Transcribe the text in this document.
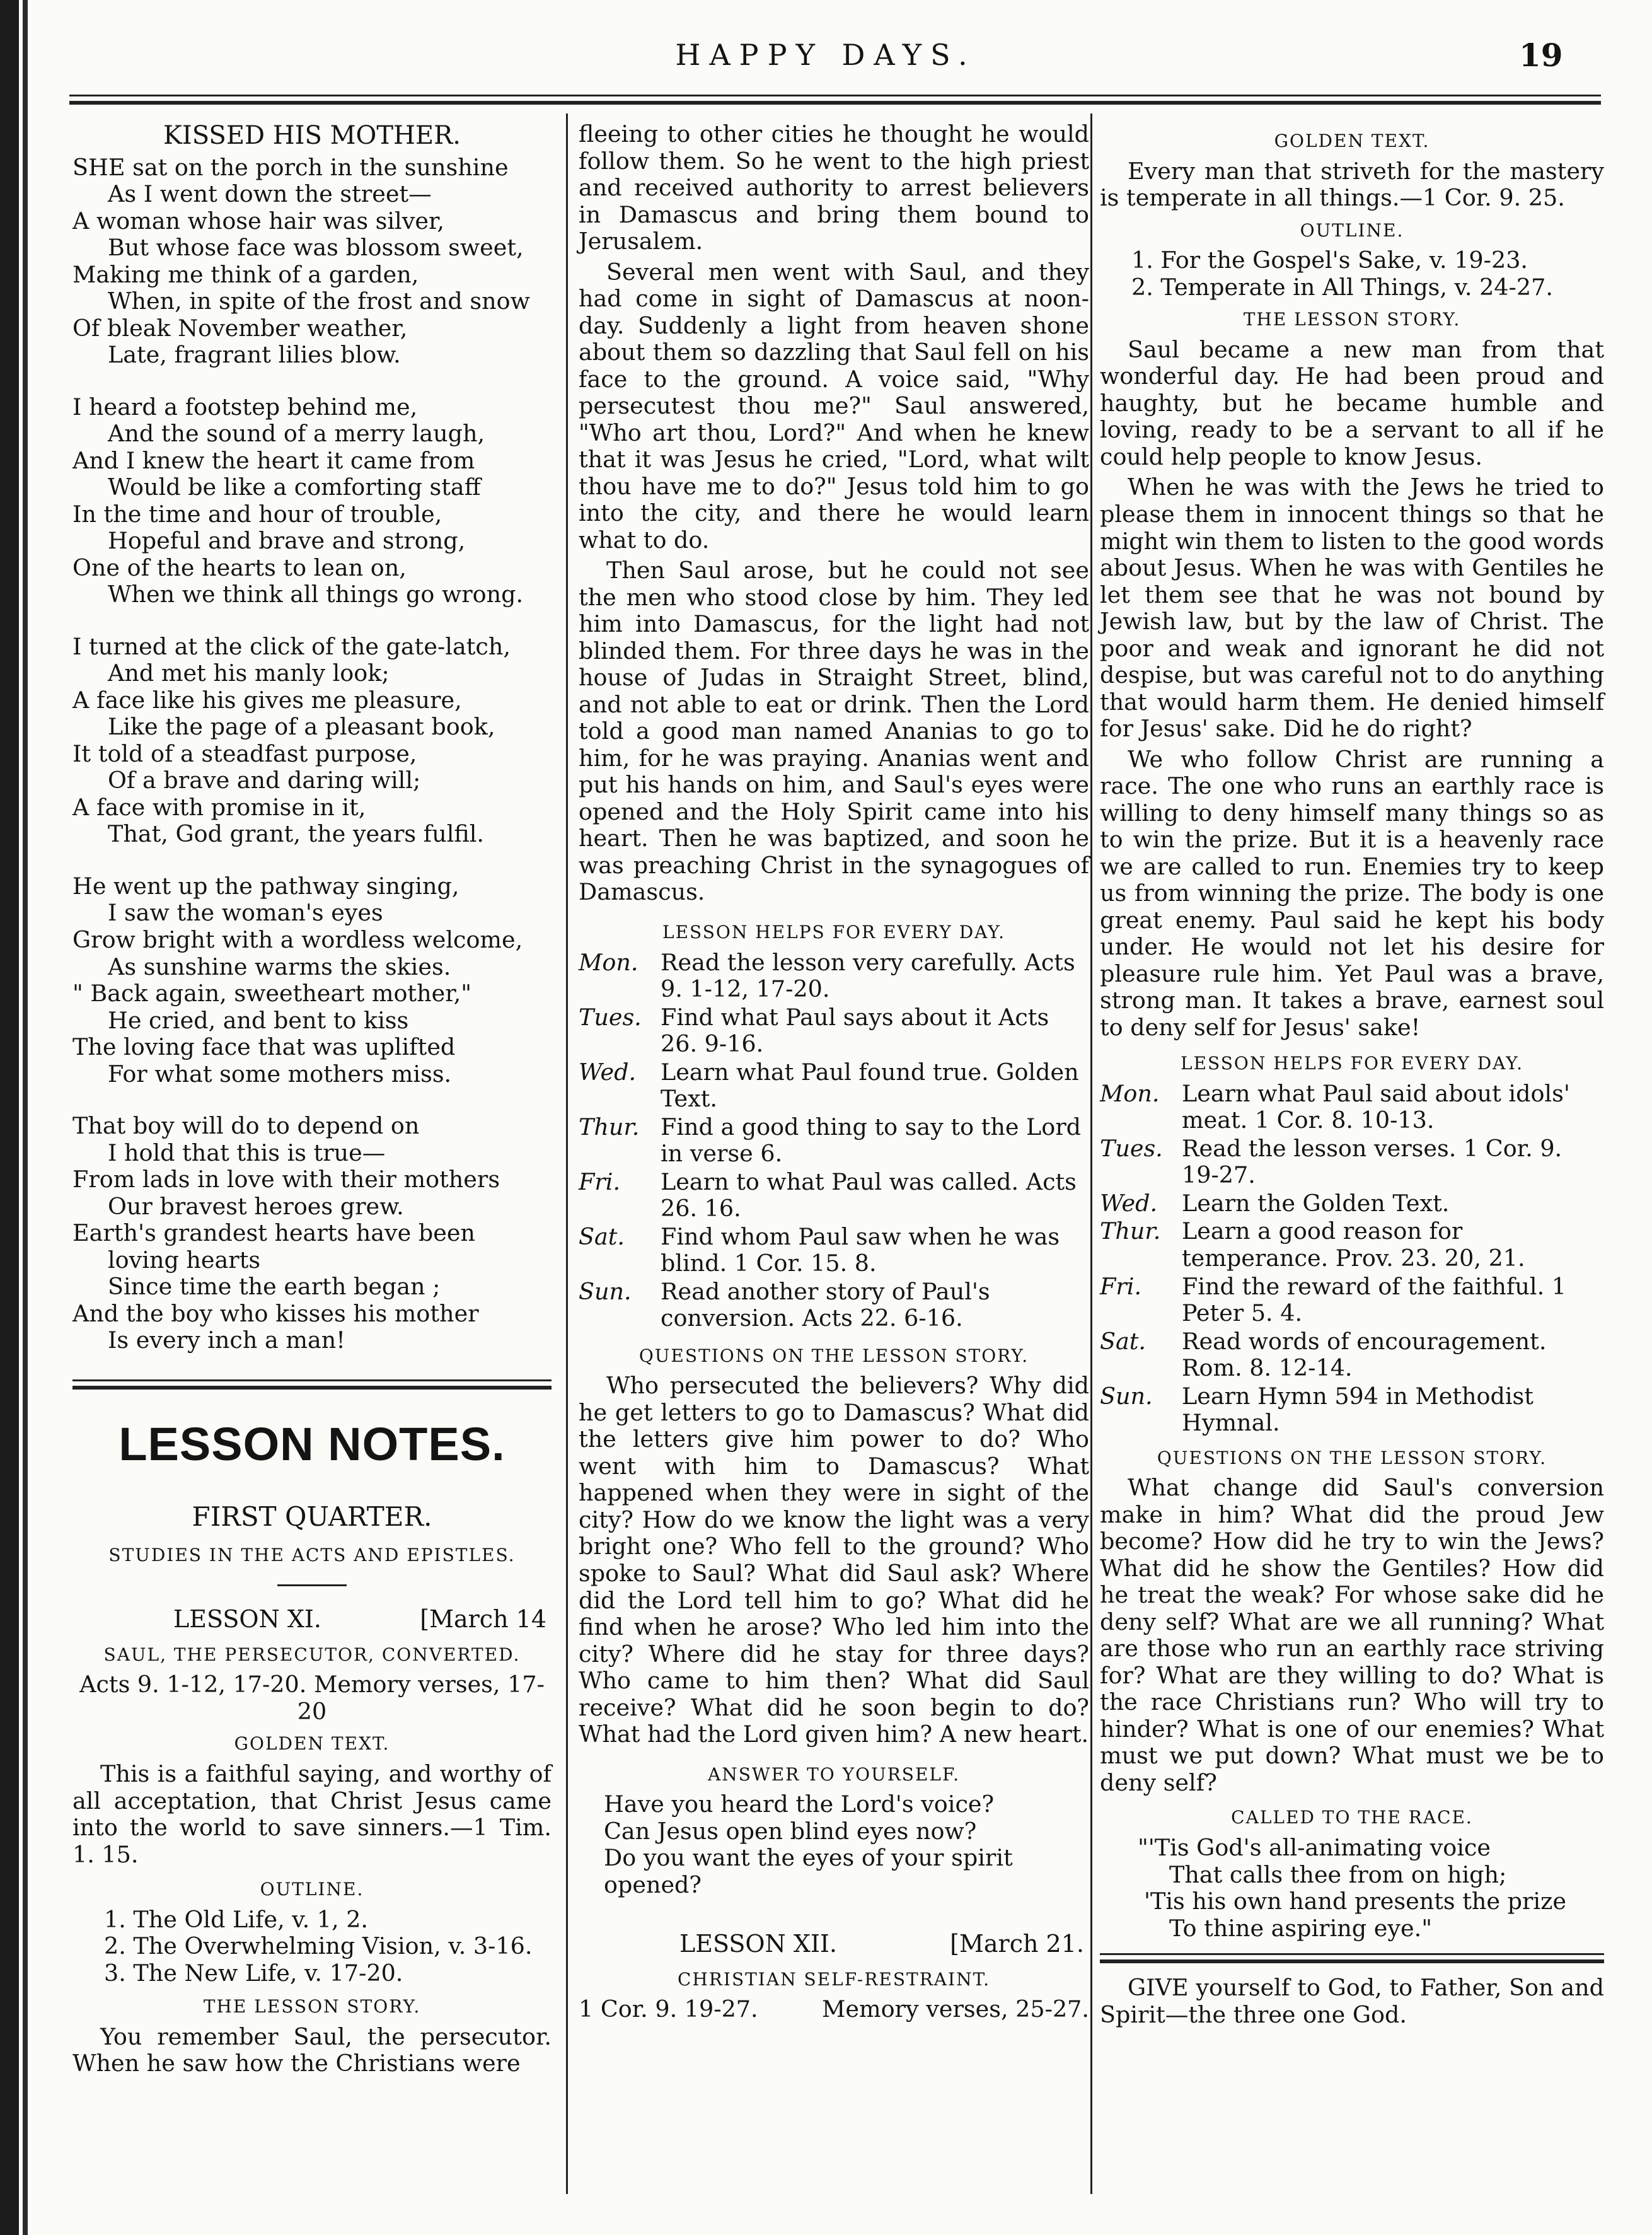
HAPPY DAYS.	19
KISSED HIS MOTHER.
SHE sat on the porch in the sunshine
As I went down the street—
A woman whose hair was silver,
But whose face was blossom sweet,
Making me think of a garden,
When, in spite of the frost and snow
Of bleak November weather,
Late, fragrant lilies blow.
I heard a footstep behind me,
And the sound of a merry laugh,
And I knew the heart it came from
Would be like a comforting staff
In the time and hour of trouble,
Hopeful and brave and strong,
One of the hearts to lean on,
When we think all things go wrong.
I turned at the click of the gate-latch,
And met his manly look;
A face like his gives me pleasure,
Like the page of a pleasant book,
It told of a steadfast purpose,
Of a brave and daring will;
A face with promise in it,
That, God grant, the years fulfil.
He went up the pathway singing,
I saw the woman's eyes
Grow bright with a wordless welcome,
As sunshine warms the skies.
" Back again, sweetheart mother,"
He cried, and bent to kiss
The loving face that was uplifted
For what some mothers miss.
That boy will do to depend on
I hold that this is true—
From lads in love with their mothers
Our bravest heroes grew.
Earth's grandest hearts have been loving hearts
Since time the earth began ;
And the boy who kisses his mother
Is every inch a man!
LESSON NOTES.
FIRST QUARTER.
STUDIES IN THE ACTS AND EPISTLES.
LESSON XI.	[March 14
SAUL, THE PERSECUTOR, CONVERTED.
Acts 9. 1-12, 17-20. Memory verses, 17-20
GOLDEN TEXT.

This is a faithful saying, and worthy of all acceptation, that Christ Jesus came into the world to save sinners.—1 Tim. 1. 15.

OUTLINE.
1. The Old Life, v. 1, 2.
2. The Overwhelming Vision, v. 3-16.
3. The New Life, v. 17-20.
THE LESSON STORY.

You remember Saul, the persecutor. When he saw how the Christians were

fleeing to other cities he thought he would follow them. So he went to the high priest and received authority to arrest believers in Damascus and bring them bound to Jerusalem.

Several men went with Saul, and they had come in sight of Damascus at noon-day. Suddenly a light from heaven shone about them so dazzling that Saul fell on his face to the ground. A voice said, "Why persecutest thou me?" Saul answered, "Who art thou, Lord?" And when he knew that it was Jesus he cried, "Lord, what wilt thou have me to do?" Jesus told him to go into the city, and there he would learn what to do.

Then Saul arose, but he could not see the men who stood close by him. They led him into Damascus, for the light had not blinded them. For three days he was in the house of Judas in Straight Street, blind, and not able to eat or drink. Then the Lord told a good man named Ananias to go to him, for he was praying. Ananias went and put his hands on him, and Saul's eyes were opened and the Holy Spirit came into his heart. Then he was baptized, and soon he was preaching Christ in the synagogues of Damascus.

LESSON HELPS FOR EVERY DAY.
Mon. Read the lesson very carefully. Acts 9. 1-12, 17-20.
Tues. Find what Paul says about it Acts 26. 9-16.
Wed.	Learn what Paul found true. Golden Text.
Thur. Find a good thing to say to the Lord in verse 6.
Fri.	Learn to what Paul was called. Acts 26. 16.
Sat.	Find whom Paul saw when he was blind. 1 Cor. 15. 8.
Sun.	Read another story of Paul's conversion. Acts 22. 6-16.
QUESTIONS ON THE LESSON STORY.

Who persecuted the believers? Why did he get letters to go to Damascus? What did the letters give him power to do? Who went with him to Damascus? What happened when they were in sight of the city? How do we know the light was a very bright one? Who fell to the ground? Who spoke to Saul? What did Saul ask? Where did the Lord tell him to go? What did he find when he arose? Who led him into the city? Where did he stay for three days? Who came to him then? What did Saul receive? What did he soon begin to do? What had the Lord given him? A new heart.

ANSWER TO YOURSELF.
Have you heard the Lord's voice?
Can Jesus open blind eyes now?
Do you want the eyes of your spirit opened?
LESSON XII.	[March 21.
CHRISTIAN SELF-RESTRAINT.
1 Cor. 9. 19-27.	Memory verses, 25-27.
GOLDEN TEXT.

Every man that striveth for the mastery is temperate in all things.—1 Cor. 9. 25.

OUTLINE.
1. For the Gospel's Sake, v. 19-23.
2. Temperate in All Things, v. 24-27.
THE LESSON STORY.

Saul became a new man from that wonderful day. He had been proud and haughty, but he became humble and loving, ready to be a servant to all if he could help people to know Jesus.

When he was with the Jews he tried to please them in innocent things so that he might win them to listen to the good words about Jesus. When he was with Gentiles he let them see that he was not bound by Jewish law, but by the law of Christ. The poor and weak and ignorant he did not despise, but was careful not to do anything that would harm them. He denied himself for Jesus' sake. Did he do right?

We who follow Christ are running a race. The one who runs an earthly race is willing to deny himself many things so as to win the prize. But it is a heavenly race we are called to run. Enemies try to keep us from winning the prize. The body is one great enemy. Paul said he kept his body under. He would not let his desire for pleasure rule him. Yet Paul was a brave, strong man. It takes a brave, earnest soul to deny self for Jesus' sake!

LESSON HELPS FOR EVERY DAY.
Mon. Learn what Paul said about idols' meat. 1 Cor. 8. 10-13.
Tues. Read the lesson verses. 1 Cor. 9. 19-27.
Wed.	Learn the Golden Text.
Thur. Learn a good reason for temperance. Prov. 23. 20, 21.
Fri.	Find the reward of the faithful. 1 Peter 5. 4.
Sat.	Read words of encouragement. Rom. 8. 12-14.
Sun.	Learn Hymn 594 in Methodist Hymnal.
QUESTIONS ON THE LESSON STORY.

What change did Saul's conversion make in him? What did the proud Jew become? How did he try to win the Jews? What did he show the Gentiles? How did he treat the weak? For whose sake did he deny self? What are we all running? What are those who run an earthly race striving for? What are they willing to do? What is the race Christians run? Who will try to hinder? What is one of our enemies? What must we put down? What must we be to deny self?

CALLED TO THE RACE.
"'Tis God's all-animating voice
That calls thee from on high;
'Tis his own hand presents the prize
To thine aspiring eye."

GIVE yourself to God, to Father, Son and Spirit—the three one God.
